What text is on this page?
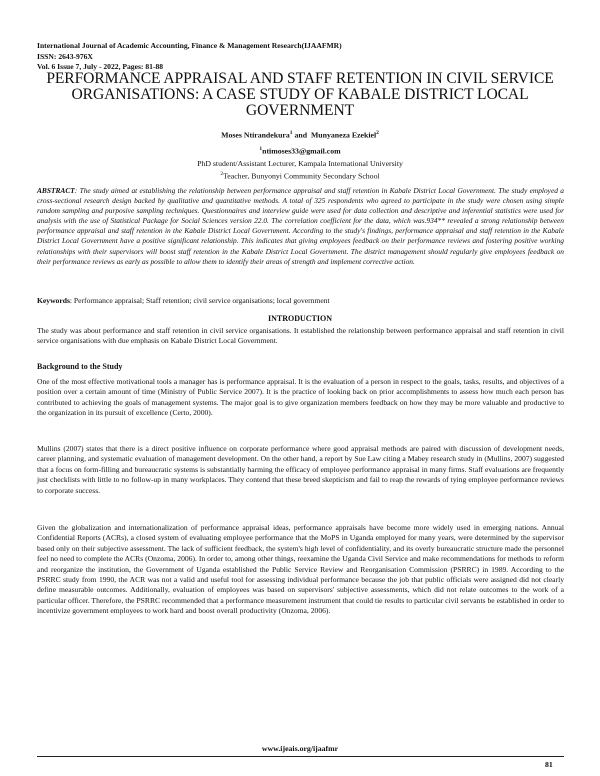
International Journal of Academic Accounting, Finance & Management Research(IJAAFMR)
ISSN: 2643-976X
Vol. 6 Issue 7, July - 2022, Pages: 81-88
PERFORMANCE APPRAISAL AND STAFF RETENTION IN CIVIL SERVICE ORGANISATIONS: A CASE STUDY OF KABALE DISTRICT LOCAL GOVERNMENT
Moses Ntirandekura$^1$ and  Munyaneza Ezekiel$^2$
$^1$ntimoses33@gmail.com
PhD student/Assistant Lecturer, Kampala International University
$^2$Teacher, Bunyonyi Community Secondary School
ABSTRACT: The study aimed at establishing the relationship between performance appraisal and staff retention in Kabale District Local Government. The study employed a cross-sectional research design backed by qualitative and quantitative methods. A total of 325 respondents who agreed to participate in the study were chosen using simple random sampling and purposive sampling techniques. Questionnaires and interview guide were used for data collection and descriptive and inferential statistics were used for analysis with the use of Statistical Package for Social Sciences version 22.0. The correlation coefficient for the data, which was.934** revealed a strong relationship between performance appraisal and staff retention in the Kabale District Local Government. According to the study's findings, performance appraisal and staff retention in the Kabale District Local Government have a positive significant relationship. This indicates that giving employees feedback on their performance reviews and fostering positive working relationships with their supervisors will boost staff retention in the Kabale District Local Government. The district management should regularly give employees feedback on their performance reviews as early as possible to allow them to identify their areas of strength and implement corrective action.
Keywords: Performance appraisal; Staff retention; civil service organisations; local government
INTRODUCTION
The study was about performance and staff retention in civil service organisations. It established the relationship between performance appraisal and staff retention in civil service organisations with due emphasis on Kabale District Local Government.
Background to the Study
One of the most effective motivational tools a manager has is performance appraisal. It is the evaluation of a person in respect to the goals, tasks, results, and objectives of a position over a certain amount of time (Ministry of Public Service 2007). It is the practice of looking back on prior accomplishments to assess how much each person has contributed to achieving the goals of management systems. The major goal is to give organization members feedback on how they may be more valuable and productive to the organization in its pursuit of excellence (Certo, 2000).
Mullins (2007) states that there is a direct positive influence on corporate performance where good appraisal methods are paired with discussion of development needs, career planning, and systematic evaluation of management development. On the other hand, a report by Sue Law citing a Mabey research study in (Mullins, 2007) suggested that a focus on form-filling and bureaucratic systems is substantially harming the efficacy of employee performance appraisal in many firms. Staff evaluations are frequently just checklists with little to no follow-up in many workplaces. They contend that these breed skepticism and fail to reap the rewards of tying employee performance reviews to corporate success.
Given the globalization and internationalization of performance appraisal ideas, performance appraisals have become more widely used in emerging nations. Annual Confidential Reports (ACRs), a closed system of evaluating employee performance that the MoPS in Uganda employed for many years, were determined by the supervisor based only on their subjective assessment. The lack of sufficient feedback, the system's high level of confidentiality, and its overly bureaucratic structure made the personnel feel no need to complete the ACRs (Onzoma, 2006). In order to, among other things, reexamine the Uganda Civil Service and make recommendations for methods to reform and reorganize the institution, the Government of Uganda established the Public Service Review and Reorganisation Commission (PSRRC) in 1989. According to the PSRRC study from 1990, the ACR was not a valid and useful tool for assessing individual performance because the job that public officials were assigned did not clearly define measurable outcomes. Additionally, evaluation of employees was based on supervisors' subjective assessments, which did not relate outcomes to the work of a particular officer. Therefore, the PSRRC recommended that a performance measurement instrument that could tie results to particular civil servants be established in order to incentivize government employees to work hard and boost overall productivity (Onzoma, 2006).
www.ijeais.org/ijaafmr
81
